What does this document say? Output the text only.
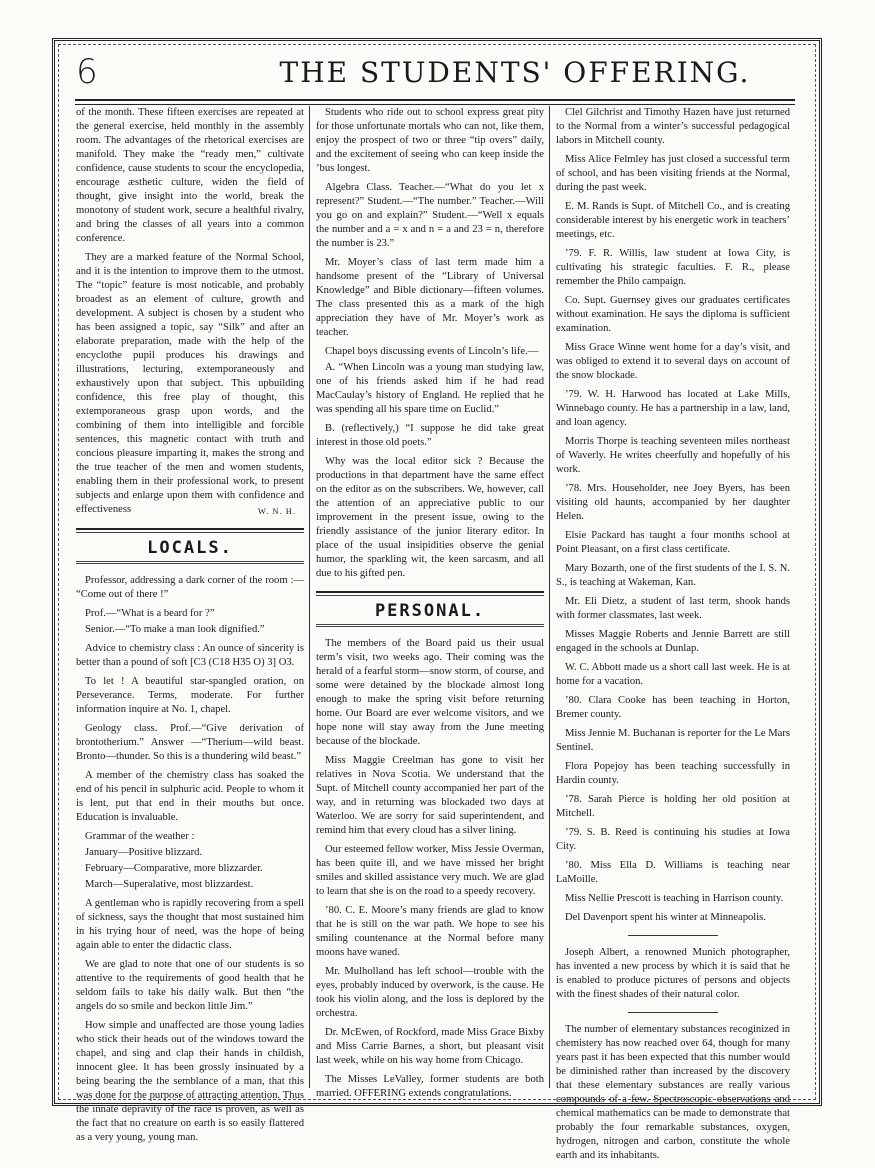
6	THE STUDENTS' OFFERING.

of the month. These fifteen exercises are repeated at the general exercise, held monthly in the assembly room. The advantages of the rhetorical exercises are manifold. They make the “ready men,” cultivate confidence, cause students to scour the encyclopedia, encourage æsthetic culture, widen the field of thought, give insight into the world, break the monotony of student work, secure a healthful rivalry, and bring the classes of all years into a common conference.

They are a marked feature of the Normal School, and it is the intention to improve them to the utmost. The “topic” feature is most noticable, and probably broadest as an element of culture, growth and development. A subject is chosen by a student who has been assigned a topic, say “Silk” and after an elaborate preparation, made with the help of the encyclothe pupil produces his drawings and illustrations, lecturing, extemporaneously and exhaustively upon that subject. This upbuilding confidence, this free play of thought, this extemporaneous grasp upon words, and the combining of them into intelligible and forcible sentences, this magnetic contact with truth and concious pleasure imparting it, makes the strong and the true teacher of the men and women students, enabling them in their professional work, to present subjects and enlarge upon them with confidence and effectiveness	W. N. H.
LOCALS.

Professor, addressing a dark corner of the room :— “Come out of there !”

Prof.—“What is a beard for ?”

Senior.—“To make a man look dignified.”

Advice to chemistry class : An ounce of sincerity is better than a pound of soft [C3 (C18 H35 O) 3] O3.

To let ! A beautiful star-spangled oration, on Perseverance. Terms, moderate. For further information inquire at No. 1, chapel.

Geology class. Prof.—“Give derivation of brontotherium.” Answer —“Therium—wild beast. Bronto—thunder. So this is a thundering wild beast.”

A member of the chemistry class has soaked the end of his pencil in sulphuric acid. People to whom it is lent, put that end in their mouths but once. Education is invaluable.

Grammar of the weather :

January—Positive blizzard.

February—Comparative, more blizzarder.

March—Superalative, most blizzardest.

A gentleman who is rapidly recovering from a spell of sickness, says the thought that most sustained him in his trying hour of need, was the hope of being again able to enter the didactic class.

We are glad to note that one of our students is so attentive to the requirements of good health that he seldom fails to take his daily walk. But then “the angels do so smile and beckon little Jim.”

How simple and unaffected are those young ladies who stick their heads out of the windows toward the chapel, and sing and clap their hands in childish, innocent glee. It has been grossly insinuated by a being bearing the the semblance of a man, that this was done for the purpose of attracting attention. Thus the innate depravity of the race is proven, as well as the fact that no creature on earth is so easily flattered as a very young, young man.

Students who ride out to school express great pity for those unfortunate mortals who can not, like them, enjoy the prospect of two or three “tip overs” daily, and the excitement of seeing who can keep inside the ’bus longest.

Algebra Class. Teacher.—“What do you let x represent?” Student.—“The number.” Teacher.—Will you go on and explain?” Student.—“Well x equals the number and a = x and n = a and 23 = n, therefore the number is 23.”

Mr. Moyer’s class of last term made him a handsome present of the “Library of Universal Knowledge” and Bible dictionary—fifteen volumes. The class presented this as a mark of the high appreciation they have of Mr. Moyer’s work as teacher.

Chapel boys discussing events of Lincoln’s life.—

A. “When Lincoln was a young man studying law, one of his friends asked him if he had read MacCaulay’s history of England. He replied that he was spending all his spare time on Euclid.”

B. (reflectively,) “I suppose he did take great interest in those old poets.”

Why was the local editor sick ? Because the productions in that department have the same effect on the editor as on the subscribers. We, however, call the attention of an appreciative public to our improvement in the present issue, owing to the friendly assistance of the junior literary editor. In place of the usual insipidities observe the genial humor, the sparkling wit, the keen sarcasm, and all due to his gifted pen.

PERSONAL.

The members of the Board paid us their usual term’s visit, two weeks ago. Their coming was the herald of a fearful storm—snow storm, of course, and some were detained by the blockade almost long enough to make the spring visit before returning home. Our Board are ever welcome visitors, and we hope none will stay away from the June meeting because of the blockade.

Miss Maggie Creelman has gone to visit her relatives in Nova Scotia. We understand that the Supt. of Mitchell county accompanied her part of the way, and in returning was blockaded two days at Waterloo. We are sorry for said superintendent, and remind him that every cloud has a silver lining.

Our esteemed fellow worker, Miss Jessie Overman, has been quite ill, and we have missed her bright smiles and skilled assistance very much. We are glad to learn that she is on the road to a speedy recovery.

’80. C. E. Moore’s many friends are glad to know that he is still on the war path. We hope to see his smiling countenance at the Normal before many moons have waned.

Mr. Mulholland has left school—trouble with the eyes, probably induced by overwork, is the cause. He took his violin along, and the loss is deplored by the orchestra.

Dr. McEwen, of Rockford, made Miss Grace Bixby and Miss Carrie Barnes, a short, but pleasant visit last week, while on his way home from Chicago.

The Misses LeValley, former students are both married. OFFERING extends congratulations.

Clel Gilchrist and Timothy Hazen have just returned to the Normal from a winter’s successful pedagogical labors in Mitchell county.

Miss Alice Felmley has just closed a successful term of school, and has been visiting friends at the Normal, during the past week.

E. M. Rands is Supt. of Mitchell Co., and is creating considerable interest by his energetic work in teachers’ meetings, etc.

’79. F. R. Willis, law student at Iowa City, is cultivating his strategic faculties. F. R., please remember the Philo campaign.

Co. Supt. Guernsey gives our graduates certificates without examination. He says the diploma is sufficient examination.

Miss Grace Winne went home for a day’s visit, and was obliged to extend it to several days on account of the snow blockade.

’79. W. H. Harwood has located at Lake Mills, Winnebago county. He has a partnership in a law, land, and loan agency.

Morris Thorpe is teaching seventeen miles northeast of Waverly. He writes cheerfully and hopefully of his work.

’78. Mrs. Householder, nee Joey Byers, has been visiting old haunts, accompanied by her daughter Helen.

Elsie Packard has taught a four months school at Point Pleasant, on a first class certificate.

Mary Bozarth, one of the first students of the I. S. N. S., is teaching at Wakeman, Kan.

Mr. Eli Dietz, a student of last term, shook hands with former classmates, last week.

Misses Maggie Roberts and Jennie Barrett are still engaged in the schools at Dunlap.

W. C. Abbott made us a short call last week. He is at home for a vacation.

’80. Clara Cooke has been teaching in Horton, Bremer county.

Miss Jennie M. Buchanan is reporter for the Le Mars Sentinel.

Flora Popejoy has been teaching successfully in Hardin county.

’78. Sarah Pierce is holding her old position at Mitchell.

’79. S. B. Reed is continuing his studies at Iowa City.

’80. Miss Ella D. Williams is teaching near LaMoille.

Miss Nellie Prescott is teaching in Harrison county.

Del Davenport spent his winter at Minneapolis.

Joseph Albert, a renowned Munich photographer, has invented a new process by which it is said that he is enabled to produce pictures of persons and objects with the finest shades of their natural color.

The number of elementary substances recoginized in chemistery has now reached over 64, though for many years past it has been expected that this number would be diminished rather than increased by the discovery that these elementary substances are really various compounds of a few. Spectroscopic observations and chemical mathematics can be made to demonstrate that probably the four remarkable substances, oxygen, hydrogen, nitrogen and carbon, constitute the whole earth and its inhabitants.
